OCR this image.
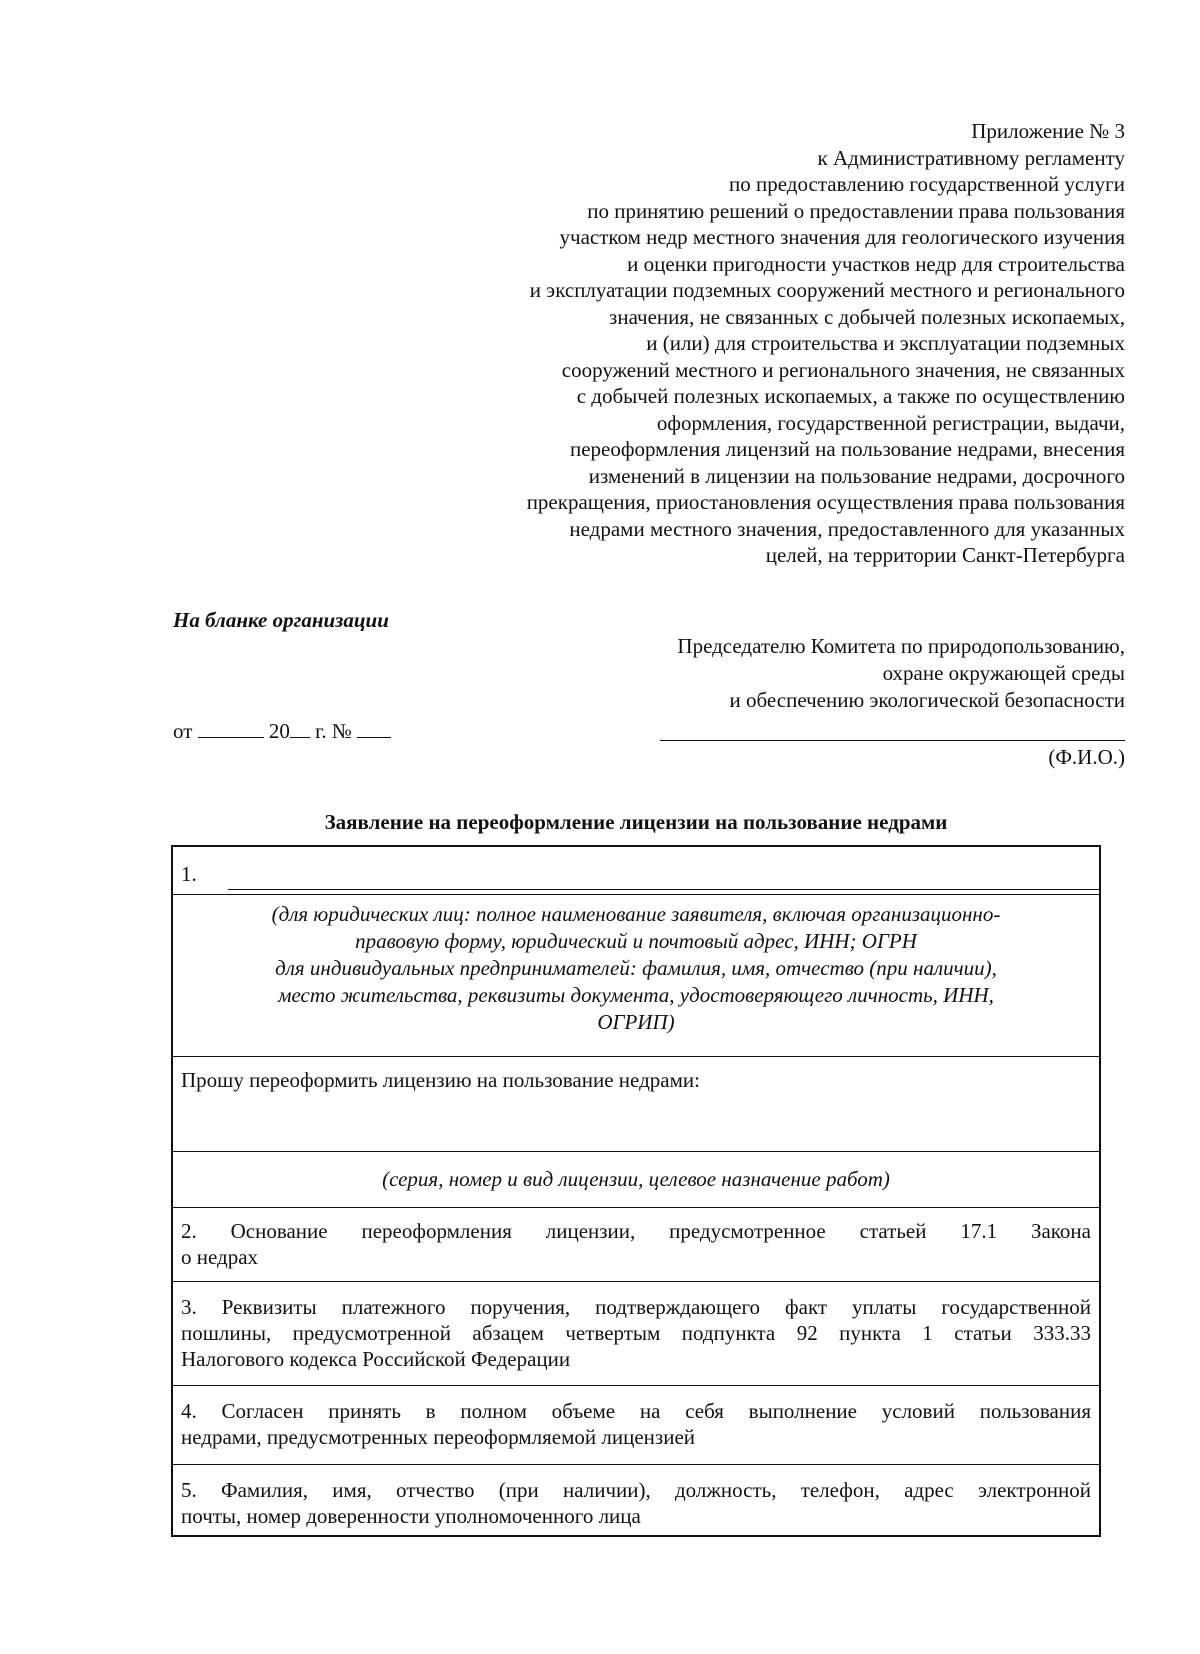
Приложение № 3
к Административному регламенту
по предоставлению государственной услуги
по принятию решений о предоставлении права пользования
участком недр местного значения для геологического изучения
и оценки пригодности участков недр для строительства
и эксплуатации подземных сооружений местного и регионального
значения, не связанных с добычей полезных ископаемых,
и (или) для строительства и эксплуатации подземных
сооружений местного и регионального значения, не связанных
с добычей полезных ископаемых, а также по осуществлению
оформления, государственной регистрации, выдачи,
переоформления лицензий на пользование недрами, внесения
изменений в лицензии на пользование недрами, досрочного
прекращения, приостановления осуществления права пользования
недрами местного значения, предоставленного для указанных
целей, на территории Санкт-Петербурга
На бланке организации
Председателю Комитета по природопользованию,
охране окружающей среды
и обеспечению экологической безопасности
от	20 г. №
(Ф.И.О.)
Заявление на переоформление лицензии на пользование недрами
1.
(для юридических лиц: полное наименование заявителя, включая организационно-
правовую форму, юридический и почтовый адрес, ИНН; ОГРН
для индивидуальных предпринимателей: фамилия, имя, отчество (при наличии),
место жительства, реквизиты документа, удостоверяющего личность, ИНН,
ОГРИП)
Прошу переоформить лицензию на пользование недрами:
(серия, номер и вид лицензии, целевое назначение работ)
2. Основание переоформления лицензии, предусмотренное статьей 17.1 Закона
о недрах
3. Реквизиты платежного поручения, подтверждающего факт уплаты государственной
пошлины, предусмотренной абзацем четвертым подпункта 92 пункта 1 статьи 333.33
Налогового кодекса Российской Федерации
4. Согласен принять в полном объеме на себя выполнение условий пользования
недрами, предусмотренных переоформляемой лицензией
5. Фамилия, имя, отчество (при наличии), должность, телефон, адрес электронной
почты, номер доверенности уполномоченного лица
